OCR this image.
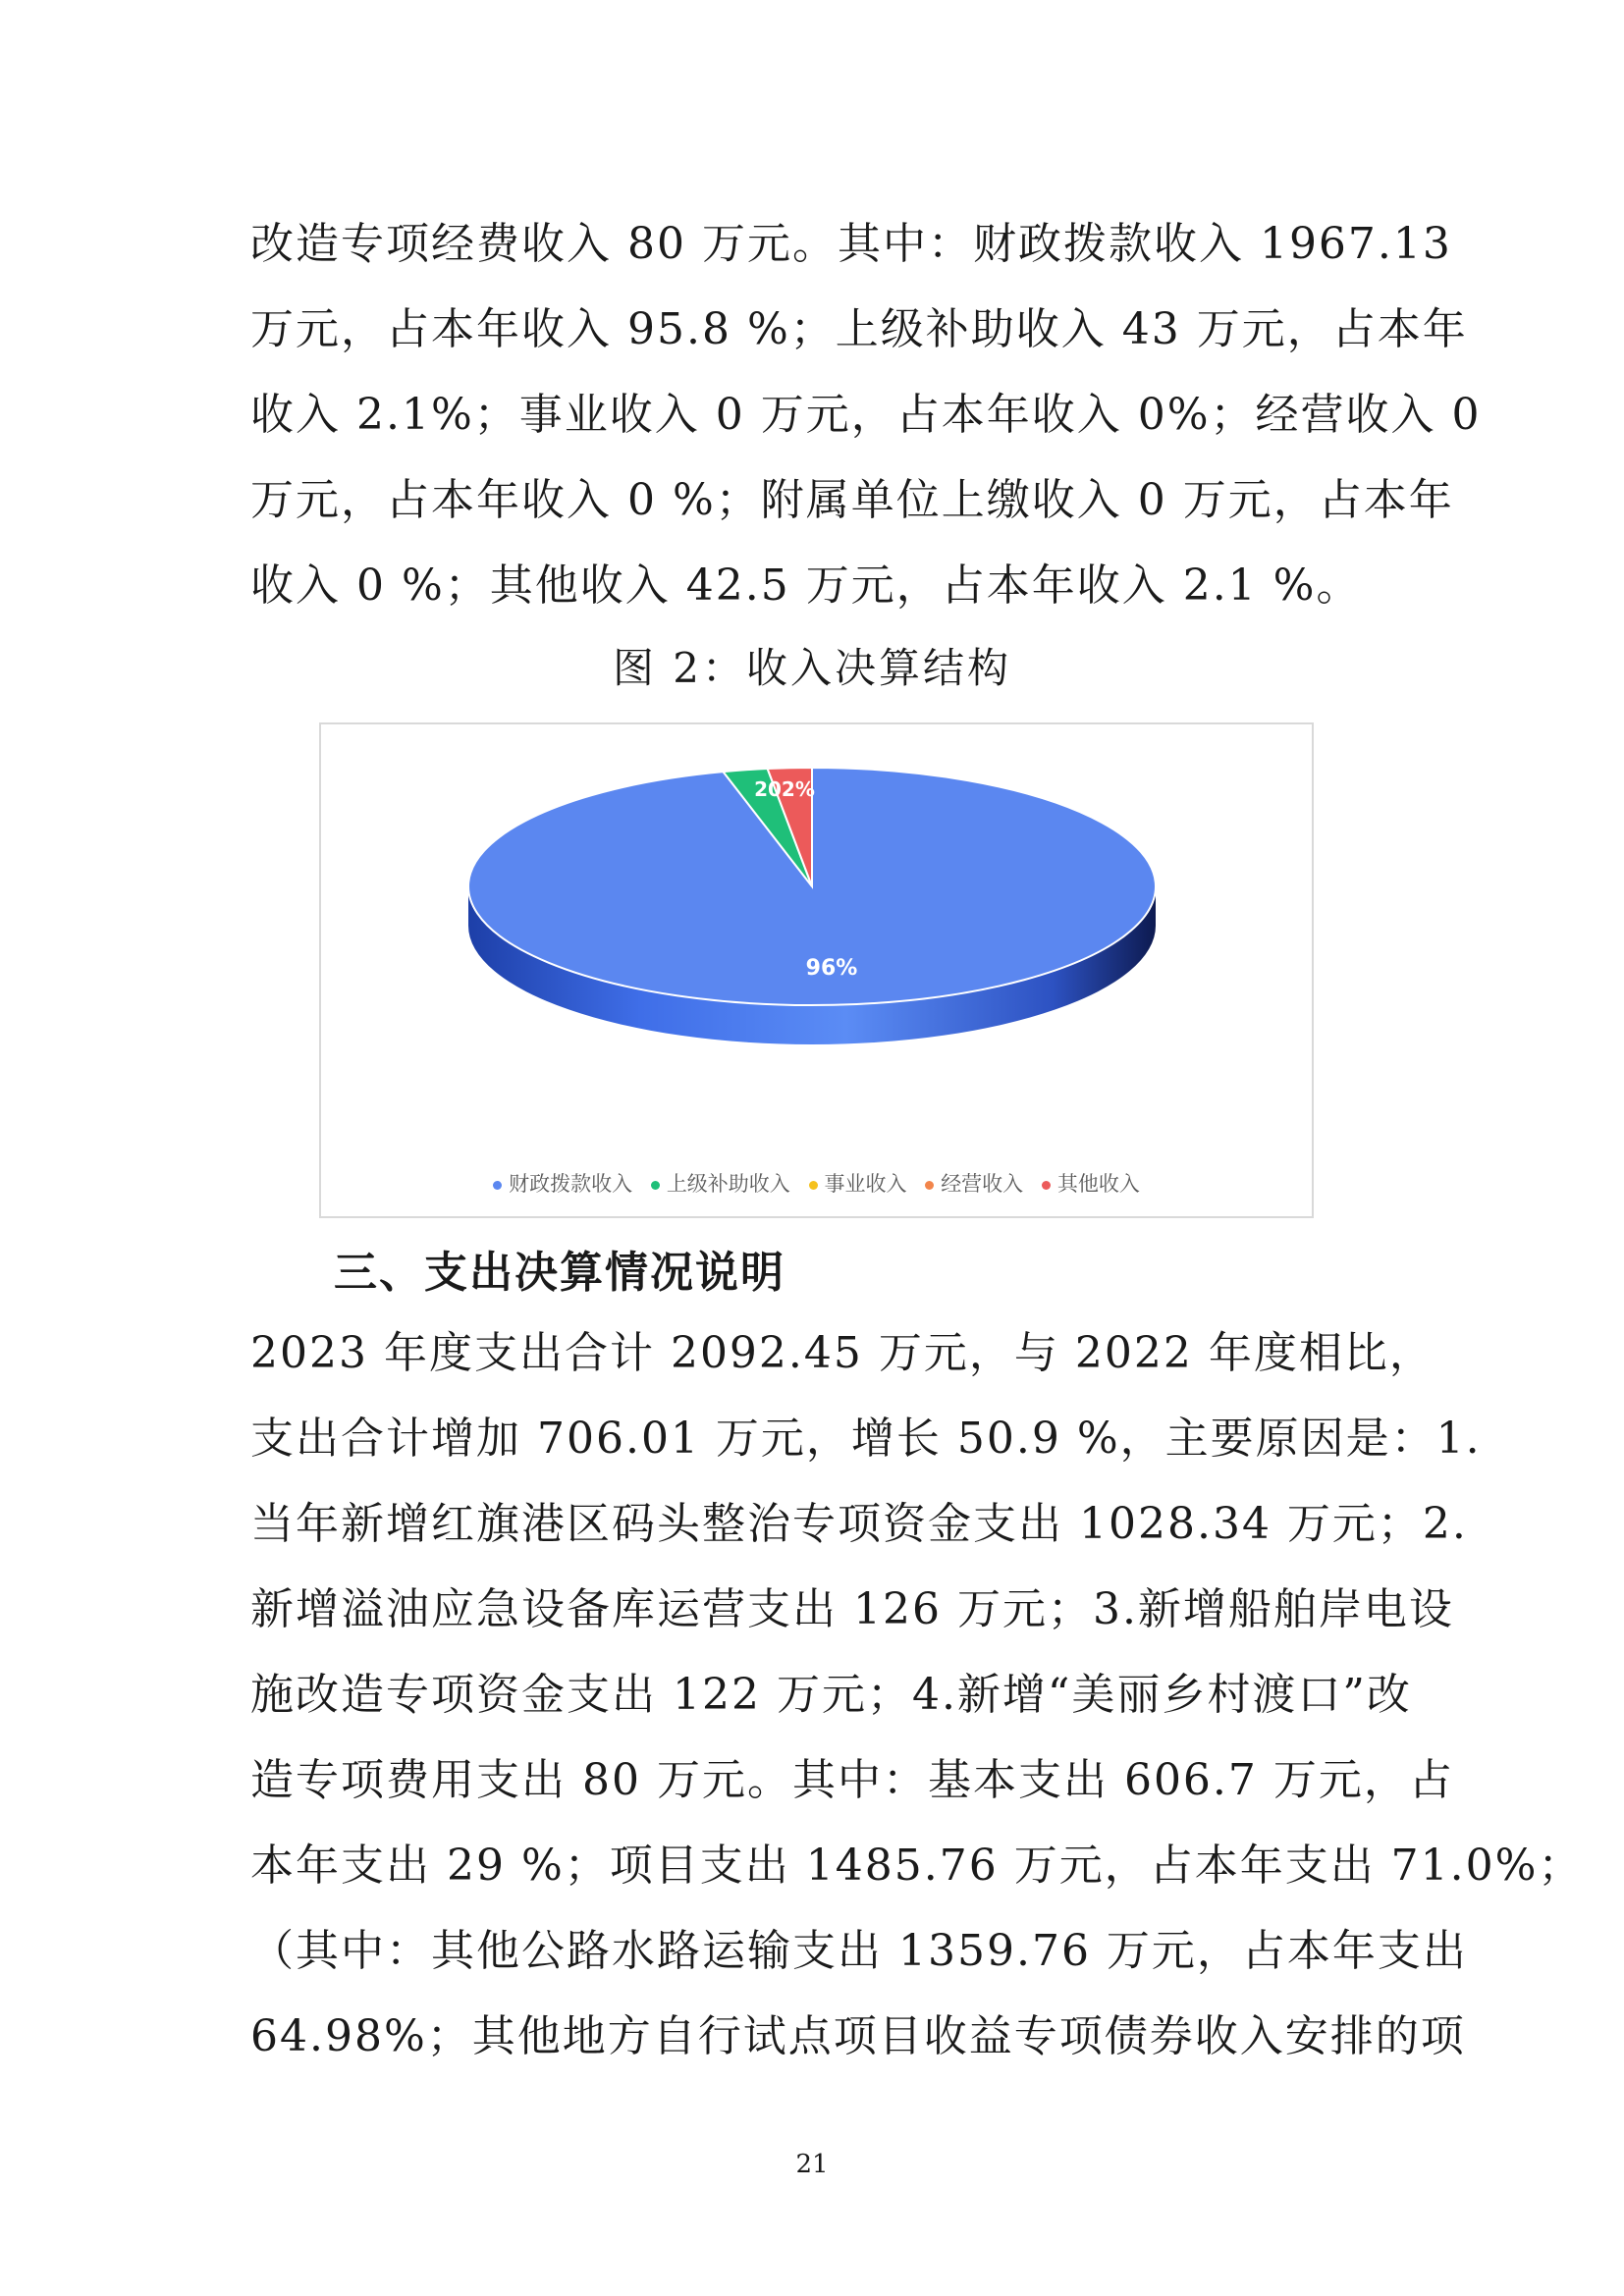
改造专项经费收入 80 万元。其中：财政拨款收入 1967.13
万元，占本年收入 95.8 %；上级补助收入 43 万元，占本年
收入 2.1%；事业收入 0 万元，占本年收入 0%；经营收入 0
万元，占本年收入 0 %；附属单位上缴收入 0 万元，占本年
收入 0 %；其他收入 42.5 万元，占本年收入 2.1 %。
图 2：收入决算结构
96%
202%
财政拨款收入 上级补助收入 事业收入 经营收入 其他收入
三、支出决算情况说明
2023 年度支出合计 2092.45 万元，与 2022 年度相比，
支出合计增加 706.01 万元，增长 50.9 %，主要原因是：1.
当年新增红旗港区码头整治专项资金支出 1028.34 万元；2.
新增溢油应急设备库运营支出 126 万元；3.新增船舶岸电设
施改造专项资金支出 122 万元；4.新增“美丽乡村渡口”改
造专项费用支出 80 万元。其中：基本支出 606.7 万元，占
本年支出 29 %；项目支出 1485.76 万元，占本年支出 71.0%；
（其中：其他公路水路运输支出 1359.76 万元，占本年支出
64.98%；其他地方自行试点项目收益专项债券收入安排的项
21
